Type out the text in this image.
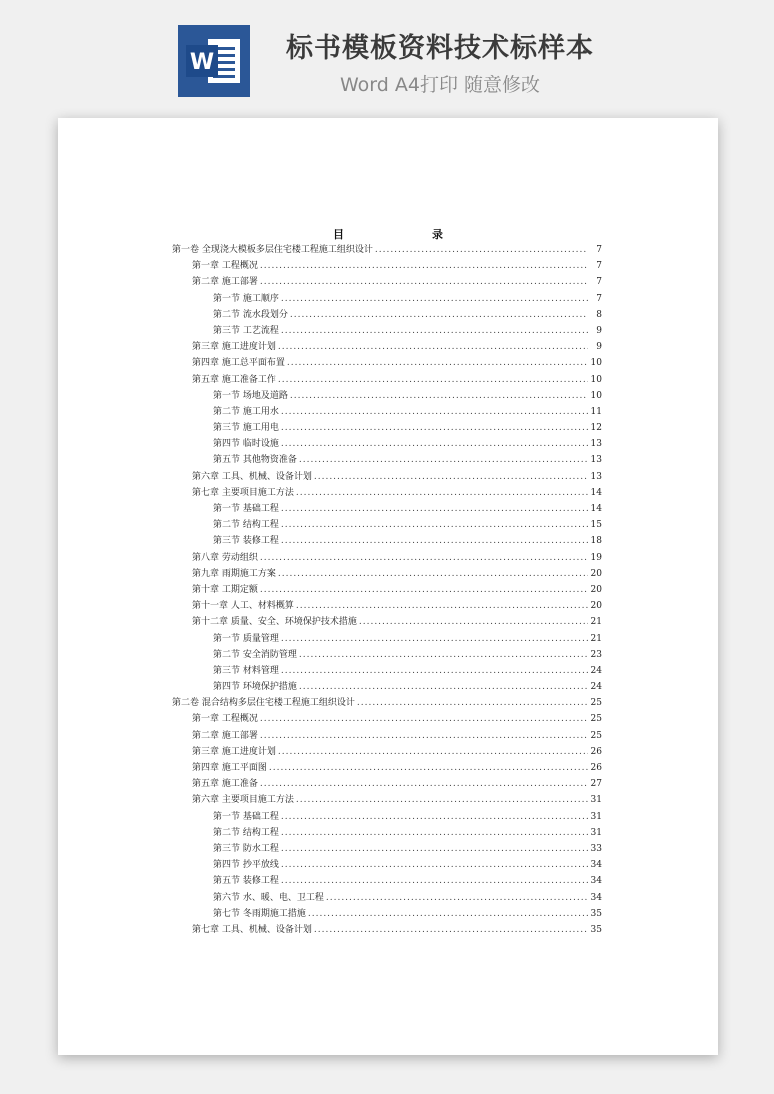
W	标书模板资料技术标样本
Word A4打印 随意修改
目	录
第一卷 全现浇大模板多层住宅楼工程施工组织设计 .....	7
第一章 工程概况 .....	7
第二章 施工部署 .....	7
第一节 施工顺序 .....	7
第二节 流水段划分 .....	8
第三节 工艺流程 .....	9
第三章 施工进度计划 .....	9
第四章 施工总平面布置 .....	10
第五章 施工准备工作 .....	10
第一节 场地及道路 .....	10
第二节 施工用水 .....	11
第三节 施工用电 .....	12
第四节 临时设施 .....	13
第五节 其他物资准备 .....	13
第六章 工具、机械、设备计划 .....	13
第七章 主要项目施工方法 .....	14
第一节 基础工程 .....	14
第二节 结构工程 .....	15
第三节 装修工程 .....	18
第八章 劳动组织 .....	19
第九章 雨期施工方案 .....	20
第十章 工期定额 .....	20
第十一章 人工、材料概算 .....	20
第十二章 质量、安全、环境保护技术措施 .....	21
第一节 质量管理 .....	21
第二节 安全消防管理 .....	23
第三节 材料管理 .....	24
第四节 环境保护措施 .....	24
第二卷 混合结构多层住宅楼工程施工组织设计 .....	25
第一章 工程概况 .....	25
第二章 施工部署 .....	25
第三章 施工进度计划 .....	26
第四章 施工平面图 .....	26
第五章 施工准备 .....	27
第六章 主要项目施工方法 .....	31
第一节 基础工程 .....	31
第二节 结构工程 .....	31
第三节 防水工程 .....	33
第四节 抄平放线 .....	34
第五节 装修工程 .....	34
第六节 水、暖、电、卫工程 .....	34
第七节 冬雨期施工措施 .....	35
第七章 工具、机械、设备计划 .....	35
